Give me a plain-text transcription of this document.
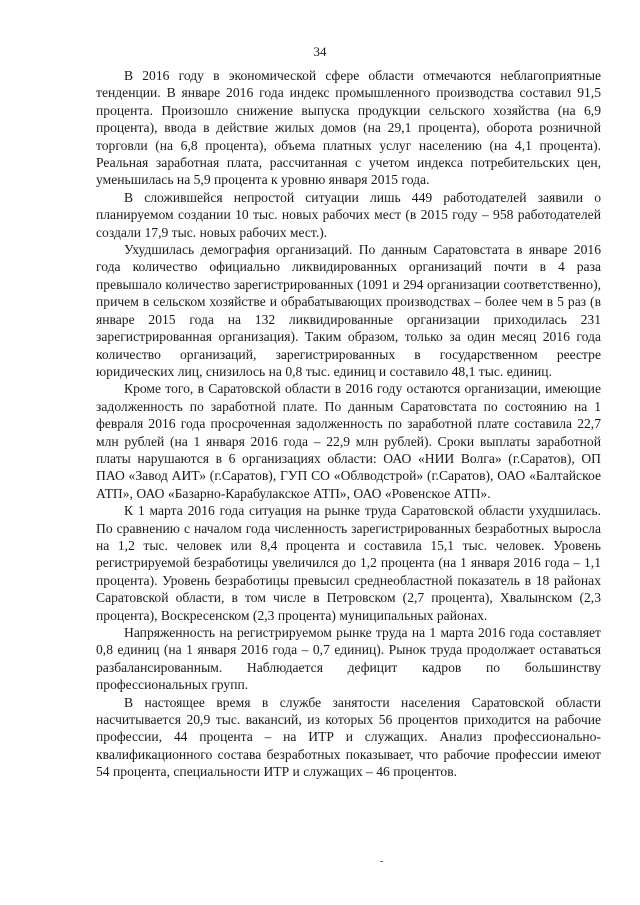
34

В 2016 году в экономической сфере области отмечаются неблагоприятные тенденции. В январе 2016 года индекс промышленного производства составил 91,5 процента. Произошло снижение выпуска продукции сельского хозяйства (на 6,9 процента), ввода в действие жилых домов (на 29,1 процента), оборота розничной торговли (на 6,8 процента), объема платных услуг населению (на 4,1 процента). Реальная заработная плата, рассчитанная с учетом индекса потребительских цен, уменьшилась на 5,9 процента к уровню января 2015 года.

В сложившейся непростой ситуации лишь 449 работодателей заявили о планируемом создании 10 тыс. новых рабочих мест (в 2015 году – 958 работодателей создали 17,9 тыс. новых рабочих мест.).

Ухудшилась демография организаций. По данным Саратовстата в январе 2016 года количество официально ликвидированных организаций почти в 4 раза превышало количество зарегистрированных (1091 и 294 организации соответственно), причем в сельском хозяйстве и обрабатывающих производствах – более чем в 5 раз (в январе 2015 года на 132 ликвидированные организации приходилась 231 зарегистрированная организация). Таким образом, только за один месяц 2016 года количество организаций, зарегистрированных в государственном реестре юридических лиц, снизилось на 0,8 тыс. единиц и составило 48,1 тыс. единиц.

Кроме того, в Саратовской области в 2016 году остаются организации, имеющие задолженность по заработной плате. По данным Саратовстата по состоянию на 1 февраля 2016 года просроченная задолженность по заработной плате составила 22,7 млн рублей (на 1 января 2016 года – 22,9 млн рублей). Сроки выплаты заработной платы нарушаются в 6 организациях области: ОАО «НИИ Волга» (г.Саратов), ОП ПАО «Завод АИТ» (г.Саратов), ГУП СО «Облводстрой» (г.Саратов), ОАО «Балтайское АТП», ОАО «Базарно-Карабулакское АТП», ОАО «Ровенское АТП».

К 1 марта 2016 года ситуация на рынке труда Саратовской области ухудшилась. По сравнению с началом года численность зарегистрированных безработных выросла на 1,2 тыс. человек или 8,4 процента и составила 15,1 тыс. человек. Уровень регистрируемой безработицы увеличился до 1,2 процента (на 1 января 2016 года – 1,1 процента). Уровень безработицы превысил среднеобластной показатель в 18 районах Саратовской области, в том числе в Петровском (2,7 процента), Хвалынском (2,3 процента), Воскресенском (2,3 процента) муниципальных районах.

Напряженность на регистрируемом рынке труда на 1 марта 2016 года составляет 0,8 единиц (на 1 января 2016 года – 0,7 единиц). Рынок труда продолжает оставаться разбалансированным. Наблюдается дефицит кадров по большинству профессиональных групп.

В настоящее время в службе занятости населения Саратовской области насчитывается 20,9 тыс. вакансий, из которых 56 процентов приходится на рабочие профессии, 44 процента – на ИТР и служащих. Анализ профессионально-квалификационного состава безработных показывает, что рабочие профессии имеют 54 процента, специальности ИТР и служащих – 46 процентов.

-
